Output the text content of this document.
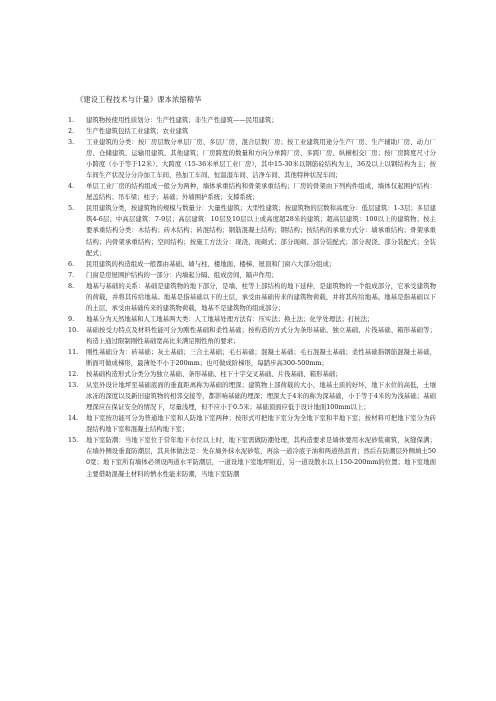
《建设工程技术与计量》课本浓缩精华
1.	建筑物按使用性质划分：生产性建筑；非生产性建筑——民用建筑；
2.	生产性建筑包括工业建筑；农业建筑
3.	工业建筑的分类：按厂房层数分单层厂房、多层厂房、混合层数厂房；按工业建筑用途分生产厂房、生产辅助厂房、动力厂房、仓储建筑、运输用建筑、其他建筑；厂房跨度的数量和方向分单跨厂房、多跨厂房、纵横相交厂房；按厂房跨度尺寸分小跨度（小于等于12米）、大跨度（15-36米单层工业厂房），其中15-30米以钢筋砼结构为主，36及以上以钢结构为主；按车间生产状况分分冷加工车间、热加工车间、恒温湿车间、洁净车间、其他特种状况车间；
4.	单层工业厂房的结构组成一般分为两种，墙体承重结构和骨架承重结构；厂房的骨架由下列构件组成，墙体仅起围护结构：屋盖结构；吊车梁；柱子；基础；外墙围护系统；支撑系统；
5.	民用建筑分类，按建筑物的规模与数量分：大量性建筑；大型性建筑；按建筑物的层数和高度分：低层建筑：1-3层；多层建筑4-6层；中高层建筑：7-9层；高层建筑：10层及10层以上或高度超28米的建筑；超高层建筑：100以上的建筑物；按主要承重结构分类：木结构；砖木结构；砖混结构；钢筋混凝土结构；钢结构；按结构的承重方式分：墙承重结构；骨架承重结构；内骨架承重结构；空间结构；按施工方法分：现浇、现砌式；部分现砌、部分装配式；部分现浇、部分装配式；全装配式；
6.	民用建筑的构造组成一般都由基础、墙与柱、楼地面、楼梯、屋顶和门窗六大部分组成；
7.	门窗是房屋围护结构的一部分：内墙起分隔、组成房间，隔声作用；
8.	地基与基础的关系：基础是建筑物的地下部分，是墙、柱等上部结构的地下延伸，是建筑物的一个组成部分，它承受建筑物的荷载，并将其传给地基。地基是指基础以下的土层，承受由基础传来的建筑物荷载，并将其传给地基。地基是指基础以下的土层，承受由基础传来的建筑物荷载，地基不是建筑物的组成部分；
9.	地基分为天然地基和人工地基两大类：人工地基处理方法有：压实法；换土法；化学处理法；打桩法；
10.	基础按受力特点及材料性能可分为刚性基础和柔性基础；按构造的方式分为条形基础、独立基础、片筏基础、箱形基础等；构造上通过限制刚性基础宽高比来满足刚性角的要求；
11.	刚性基础分为：砖基础；灰土基础；三合土基础；毛石基础；混凝土基础；毛石混凝土基础；柔性基础指钢筋混凝土基础，断面可做成梯形，最薄处不小于200mm；也可做成阶梯形，每踏步高300-500mm；
12.	按基础构造形式分类分为独立基础、条形基础、柱下十字交叉基础、片筏基础、箱形基础；
13.	从室外设计地坪至基础底面的垂直距离称为基础的埋深；建筑物上部荷载的大小，地基土质的好坏，地下水位的高低，土壤冰冻的深度以及新旧建筑物的相邻交接等，都影响基础的埋深；埋深大于4米的称为深基础，小于等于4米的为浅基础；基础埋深应在保证安全的情况下，尽量浅埋，但不应小于0.5米；基础顶面应低于设计地面100mm以上；
14.	地下室按功能可分为普通地下室和人防地下室两种；按形式可把地下室分为全地下室和半地下室；按材料可把地下室分为砖混结构地下室和混凝土结构地下室；
15.	地下室防潮：当地下室位于常年地下水位以上时，地下室需做防潮处理，其构造要求是墙体要用水泥砂浆砌筑，灰缝保满；在墙外侧设垂直防潮层，其具体做法是：先在墙外抹水泥砂浆，再涂一道冷底子油和两道热沥青；然后在防潮层外侧填土500宽；地下室所有墙体必须设两道水平防潮层，一道设地下室地坪附近，另一道设散水以上150-200mm的位置；地下室地面主要借助混凝土材料的憎水性能来防潮，当地下室防潮
